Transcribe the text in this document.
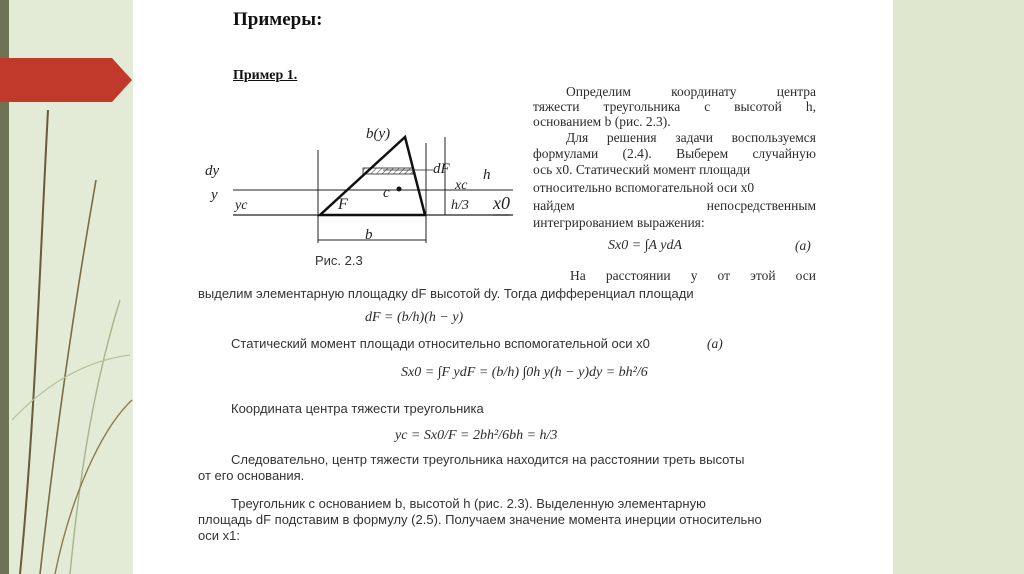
Примеры:
Пример 1.
Определим координату центра
тяжести треугольника с высотой h,
основанием b (рис. 2.3).
Для решения задачи воспользуемся
формулами (2.4). Выберем случайную
ось x0. Статический момент площади
относительно вспомогательной оси x0
найдем непосредственным
интегрированием выражения:
Sx0 = ∫A ydA	(a)
На расстоянии y от этой оси
выделим элементарную площадку dF высотой dy. Тогда дифференциал площади
dF = (b/h)(h − y)
Статический момент площади относительно вспомогательной оси x0	(a)
Sx0 = ∫F ydF = (b/h) ∫0h y(h − y)dy = bh²/6
Координата центра тяжести треугольника
yc = Sx0/F = 2bh²/6bh = h/3
Следовательно, центр тяжести треугольника находится на расстоянии треть высоты
от его основания.
Треугольник с основанием b, высотой h (рис. 2.3). Выделенную элементарную
площадь dF подставим в формулу (2.5). Получаем значение момента инерции относительно
оси x1:
b(y)
dF
xc
h
h/3 x0
dy
y
yc	F
c
b
Рис. 2.3
